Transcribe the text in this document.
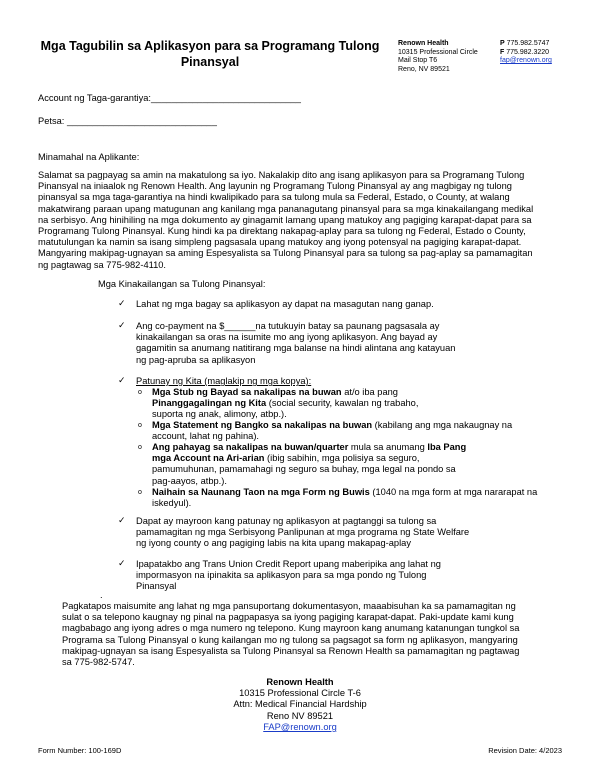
Mga Tagubilin sa Aplikasyon para sa Programang Tulong Pinansyal
Renown Health
10315 Professional Circle
Mail Stop T6
Reno, NV 89521
P 775.982.5747
F 775.982.3220
fap@renown.org
Account ng Taga-garantiya:_____________________________
Petsa: _____________________________
Minamahal na Aplikante:
Salamat sa pagpayag sa amin na makatulong sa iyo. Nakalakip dito ang isang aplikasyon para sa Programang Tulong
Pinansyal na iniaalok ng Renown Health. Ang layunin ng Programang Tulong Pinansyal ay ang magbigay ng tulong
pinansyal sa mga taga-garantiya na hindi kwalipikado para sa tulong mula sa Federal, Estado, o County, at walang
makatwirang paraan upang matugunan ang kanilang mga pananagutang pinansyal para sa mga kinakailangang medikal
na serbisyo. Ang hinihiling na mga dokumento ay ginagamit lamang upang matukoy ang pagiging karapat-dapat para sa
Programang Tulong Pinansyal. Kung hindi ka pa direktang nakapag-aplay para sa tulong ng Federal, Estado o County,
matutulungan ka namin sa isang simpleng pagsasala upang matukoy ang iyong potensyal na pagiging karapat-dapat.
Mangyaring makipag-ugnayan sa aming Espesyalista sa Tulong Pinansyal para sa tulong sa pag-aplay sa pamamagitan
ng pagtawag sa 775-982-4110.
Mga Kinakailangan sa Tulong Pinansyal:
✓ Lahat ng mga bagay sa aplikasyon ay dapat na masagutan nang ganap.
✓ Ang co-payment na $______na tutukuyin batay sa paunang pagsasala ay
kinakailangan sa oras na isumite mo ang iyong aplikasyon. Ang bayad ay
gagamitin sa anumang natitirang mga balanse na hindi alintana ang katayuan
ng pag-apruba sa aplikasyon
✓ Patunay ng Kita (maglakip ng mga kopya):
o Mga Stub ng Bayad sa nakalipas na buwan at/o iba pang
Pinanggagalingan ng Kita (social security, kawalan ng trabaho,
suporta ng anak, alimony, atbp.).
o Mga Statement ng Bangko sa nakalipas na buwan (kabilang ang mga nakaugnay na
account, lahat ng pahina).
o Ang pahayag sa nakalipas na buwan/quarter mula sa anumang Iba Pang
mga Account na Ari-arian (ibig sabihin, mga polisiya sa seguro,
pamumuhunan, pamamahagi ng seguro sa buhay, mga legal na pondo sa
pag-aayos, atbp.).
o Naihain sa Naunang Taon na mga Form ng Buwis (1040 na mga form at mga nararapat na
iskedyul).
✓ Dapat ay mayroon kang patunay ng aplikasyon at pagtanggi sa tulong sa
pamamagitan ng mga Serbisyong Panlipunan at mga programa ng State Welfare
ng iyong county o ang pagiging labis na kita upang makapag-aplay
✓ Ipapatakbo ang Trans Union Credit Report upang maberipika ang lahat ng
impormasyon na ipinakita sa aplikasyon para sa mga pondo ng Tulong
Pinansyal
.
Pagkatapos maisumite ang lahat ng mga pansuportang dokumentasyon, maaabisuhan ka sa pamamagitan ng
sulat o sa telepono kaugnay ng pinal na pagpapasya sa iyong pagiging karapat-dapat. Paki-update kami kung
magbabago ang iyong adres o mga numero ng telepono. Kung mayroon kang anumang katanungan tungkol sa
Programa sa Tulong Pinansyal o kung kailangan mo ng tulong sa pagsagot sa form ng aplikasyon, mangyaring
makipag-ugnayan sa isang Espesyalista sa Tulong Pinansyal sa Renown Health sa pamamagitan ng pagtawag
sa 775-982-5747.
Renown Health
10315 Professional Circle T-6
Attn: Medical Financial Hardship
Reno NV 89521
FAP@renown.org
Form Number: 100-169D	Revision Date: 4/2023
